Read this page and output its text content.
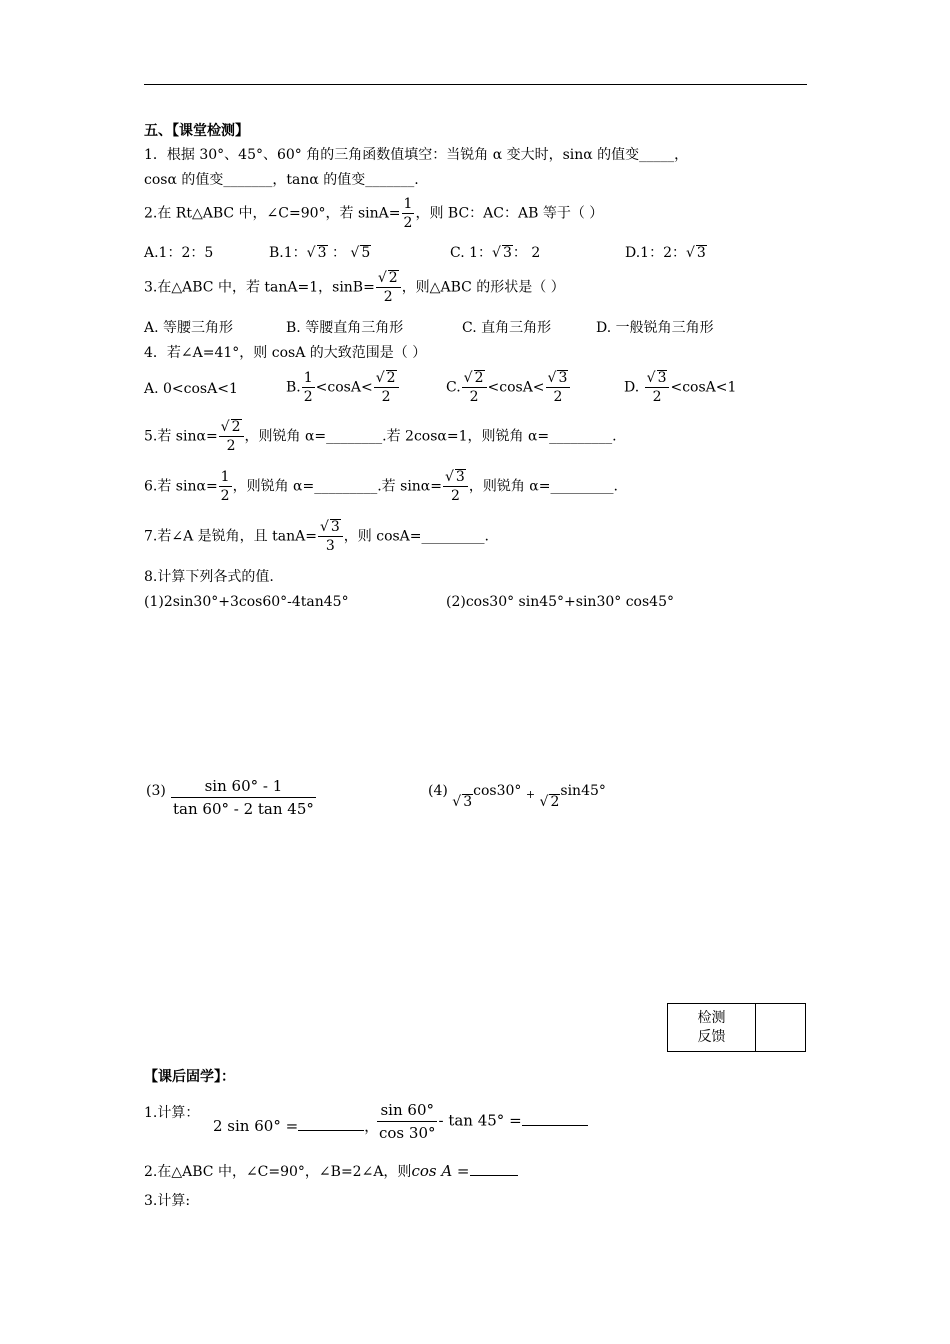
五、【课堂检测】
1．根据 30°、45°、60° 角的三角函数值填空：当锐角 α 变大时，sinα 的值变_____，
cosα 的值变_______，tanα 的值变_______.
2.在 Rt△ABC 中，∠C=90°，若 $\sin A= \frac{1}{2}$ ，则 BC：AC：AB 等于（ ）
A.1：2：5	B.1：√ 3 ： √ 5	C. 1：√ 3： 2	D.1：2：√ 3
3.在△ABC 中，若 tanA=1，$\sin B= \frac{√ 2}{2}$ ，则△ABC 的形状是（ ）
A. 等腰三角形	B. 等腰直角三角形	C. 直角三角形	D. 一般锐角三角形
4．若∠A=41°，则 cosA 的大致范围是（ ）
A. 0<cosA<1	B. $\frac{1}{2} <\cos A< \frac{√ 2}{2}$	C. $\frac{√ 2}{2} <\cos A< \frac{√ 3}{2}$	D. $\frac{√ 3}{2} <\cos A<1$
5.若 $\sin\alpha= \frac{√ 2}{2}$ ，则锐角 α=________.若 2cosα=1，则锐角 α=_________.
6.若 $\sin\alpha= \frac{1}{2}$ ，则锐角 α=_________.若 $\sin\alpha= \frac{√ 3}{2}$ ，则锐角 α=_________.
7.若∠A 是锐角，且 $\tan A= \frac{√ 3}{3}$ ，则 cosA=_________.
8.计算下列各式的值.
(1)2sin30°+3cos60°-4tan45°	(2)cos30° sin45°+sin30° cos45°
$(3) \frac{\sin 60^\circ - 1}{\tan 60^\circ - 2 \tan 45^\circ}$	(4) √ 3cos30° $_+$ √ 2sin45°
检测
反馈
【课后固学】：
1.计算：
2 sin 60° =	，
$\frac{\sin 60^\circ}{\cos 30^\circ}$ - tan 45° =
2.在△ABC 中，∠C=90°，∠B=2∠A，则cos A =
3.计算:
